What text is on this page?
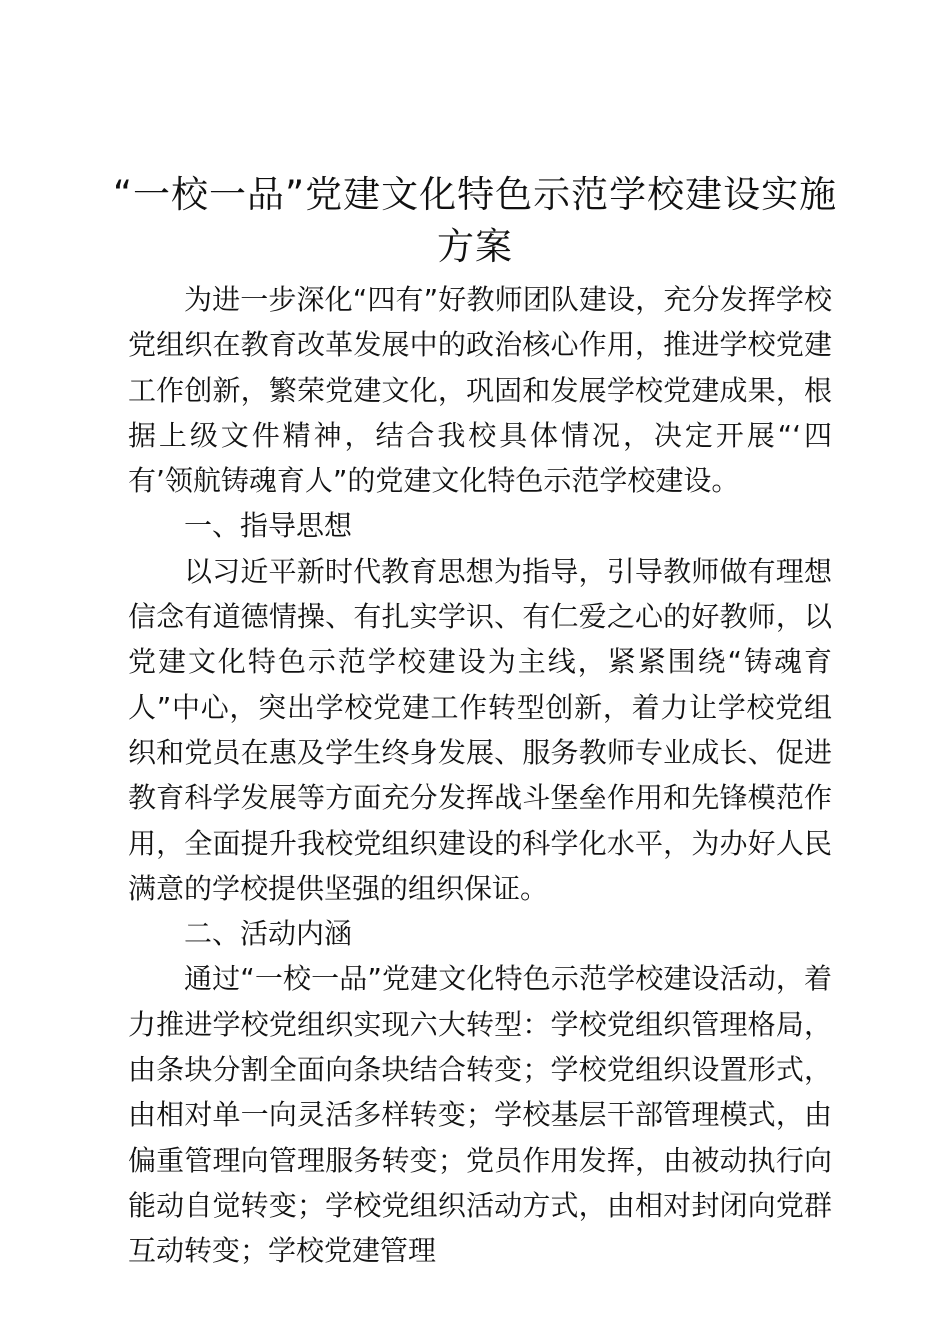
“一校一品”党建文化特色示范学校建设实施
方案

为进一步深化“四有”好教师团队建设，充分发挥学校党组织在教育改革发展中的政治核心作用，推进学校党建工作创新，繁荣党建文化，巩固和发展学校党建成果，根据上级文件精神，结合我校具体情况，决定开展“‘四有’领航铸魂育人”的党建文化特色示范学校建设。

一、指导思想

以习近平新时代教育思想为指导，引导教师做有理想信念有道德情操、有扎实学识、有仁爱之心的好教师，以党建文化特色示范学校建设为主线，紧紧围绕“铸魂育人”中心，突出学校党建工作转型创新，着力让学校党组织和党员在惠及学生终身发展、服务教师专业成长、促进教育科学发展等方面充分发挥战斗堡垒作用和先锋模范作用，全面提升我校党组织建设的科学化水平，为办好人民满意的学校提供坚强的组织保证。

二、活动内涵

通过“一校一品”党建文化特色示范学校建设活动，着力推进学校党组织实现六大转型：学校党组织管理格局，由条块分割全面向条块结合转变；学校党组织设置形式，由相对单一向灵活多样转变；学校基层干部管理模式，由偏重管理向管理服务转变；党员作用发挥，由被动执行向能动自觉转变；学校党组织活动方式，由相对封闭向党群互动转变；学校党建管理
